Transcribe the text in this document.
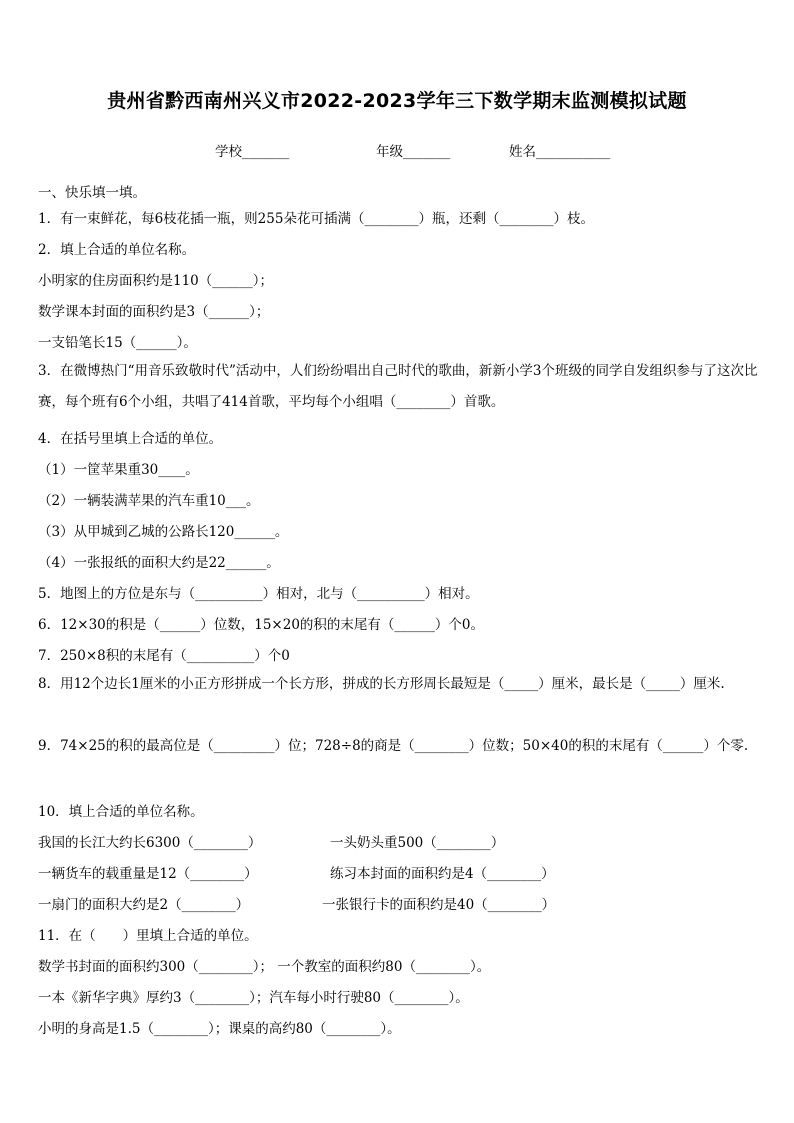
贵州省黔西南州兴义市2022-2023学年三下数学期末监测模拟试题
学校_______	年级_______	姓名___________
一、快乐填一填。
1．有一束鲜花，每6枝花插一瓶，则255朵花可插满（________）瓶，还剩（________）枝。
2．填上合适的单位名称。
小明家的住房面积约是110（______）；
数学课本封面的面积约是3（______）；
一支铅笔长15（______）。
3．在微博热门“用音乐致敬时代”活动中，人们纷纷唱出自己时代的歌曲，新新小学3个班级的同学自发组织参与了这次比赛，每个班有6个小组，共唱了414首歌，平均每个小组唱（________）首歌。
4．在括号里填上合适的单位。
（1）一筐苹果重30____。
（2）一辆装满苹果的汽车重10___。
（3）从甲城到乙城的公路长120______。
（4）一张报纸的面积大约是22______。
5．地图上的方位是东与（__________）相对，北与（__________）相对。
6．12×30的积是（______）位数，15×20的积的末尾有（______）个0。
7．250×8积的末尾有（__________）个0
8．用12个边长1厘米的小正方形拼成一个长方形，拼成的长方形周长最短是（_____）厘米，最长是（_____）厘米.
9．74×25的积的最高位是（_________）位；728÷8的商是（________）位数；50×40的积的末尾有（______）个零.
10．填上合适的单位名称。
我国的长江大约长6300（________）	一头奶头重500（________）
一辆货车的载重量是12（________）	练习本封面的面积约是4（________）
一扇门的面积大约是2（________）	一张银行卡的面积约是40（________）
11．在（　　）里填上合适的单位。
数学书封面的面积约300（________）； 一个教室的面积约80（________）。
一本《新华字典》厚约3（________）；汽车每小时行驶80（________）。
小明的身高是1.5（________）；课桌的高约80（________）。
